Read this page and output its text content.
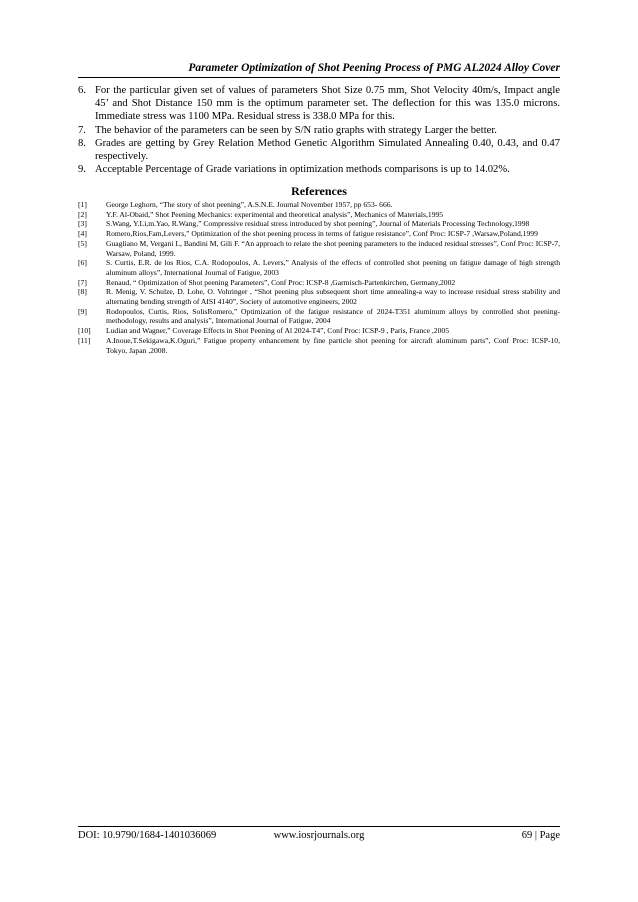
Parameter Optimization of Shot Peening Process of PMG AL2024 Alloy Cover
6. For the particular given set of values of parameters Shot Size 0.75 mm, Shot Velocity 40m/s, Impact angle 45’ and Shot Distance 150 mm is the optimum parameter set. The deflection for this was 135.0 microns. Immediate stress was 1100 MPa. Residual stress is 338.0 MPa for this.
7. The behavior of the parameters can be seen by S/N ratio graphs with strategy Larger the better.
8. Grades are getting by Grey Relation Method Genetic Algorithm Simulated Annealing 0.40, 0.43, and 0.47 respectively.
9. Acceptable Percentage of Grade variations in optimization methods comparisons is up to 14.02%.
References
[1]	George Leghorn, “The story of shot peening”, A.S.N.E. Journal November 1957, pp 653- 666.
[2]	Y.F. Al-Obaid,” Shot Peening Mechanics: experimental and theoretical analysis”, Mechanics of Materials,1995
[3]	S.Wang, Y.Li,m.Yao, R.Wang,” Compressive residual stress introduced by shot peening”, Journal of Materials Processing Technology,1998
[4]	Romero,Rios,Fam,Levers,” Optimization of the shot peening process in terms of fatigue resistance”, Conf Proc: ICSP-7 ,Warsaw,Poland,1999
[5]	Guagliano M, Vergani L, Bandini M, Gili F. “An approach to relate the shot peening parameters to the induced residual stresses”, Conf Proc: ICSP-7, Warsaw, Poland, 1999.
[6]	S. Curtis, E.R. de los Rios, C.A. Rodopoulos, A. Levers,” Analysis of the effects of controlled shot peening on fatigue damage of high strength aluminum alloys”, International Journal of Fatigue, 2003
[7]	Renaud, “ Optimization of Shot peening Parameters”, Conf Proc: ICSP-8 ,Garmisch-Partenkirchen, Germany,2002
[8]	R. Menig, V. Schulze, D. Lohe, O. Vohringer , “Shot peening plus subsequent short time annealing-a way to increase residual stress stability and alternating bending strength of AISI 4140”, Society of automotive engineers, 2002
[9]	Rodopoulos, Curtis, Rios, SolisRomero,” Optimization of the fatigue resistance of 2024-T351 aluminum alloys by controlled shot peening- methodology, results and analysis”, International Journal of Fatigue, 2004
[10] Ludian and Wagner,” Coverage Effects in Shot Peening of Al 2024-T4”, Conf Proc: ICSP-9 , Paris, France ,2005
[11] A.Inoue,T.Sekigawa,K.Oguri,” Fatigue property enhancement by fine particle shot peening for aircraft aluminum parts”, Conf Proc: ICSP-10, Tokyo, Japan ,2008.
DOI: 10.9790/1684-1401036069	www.iosrjournals.org	69 | Page
